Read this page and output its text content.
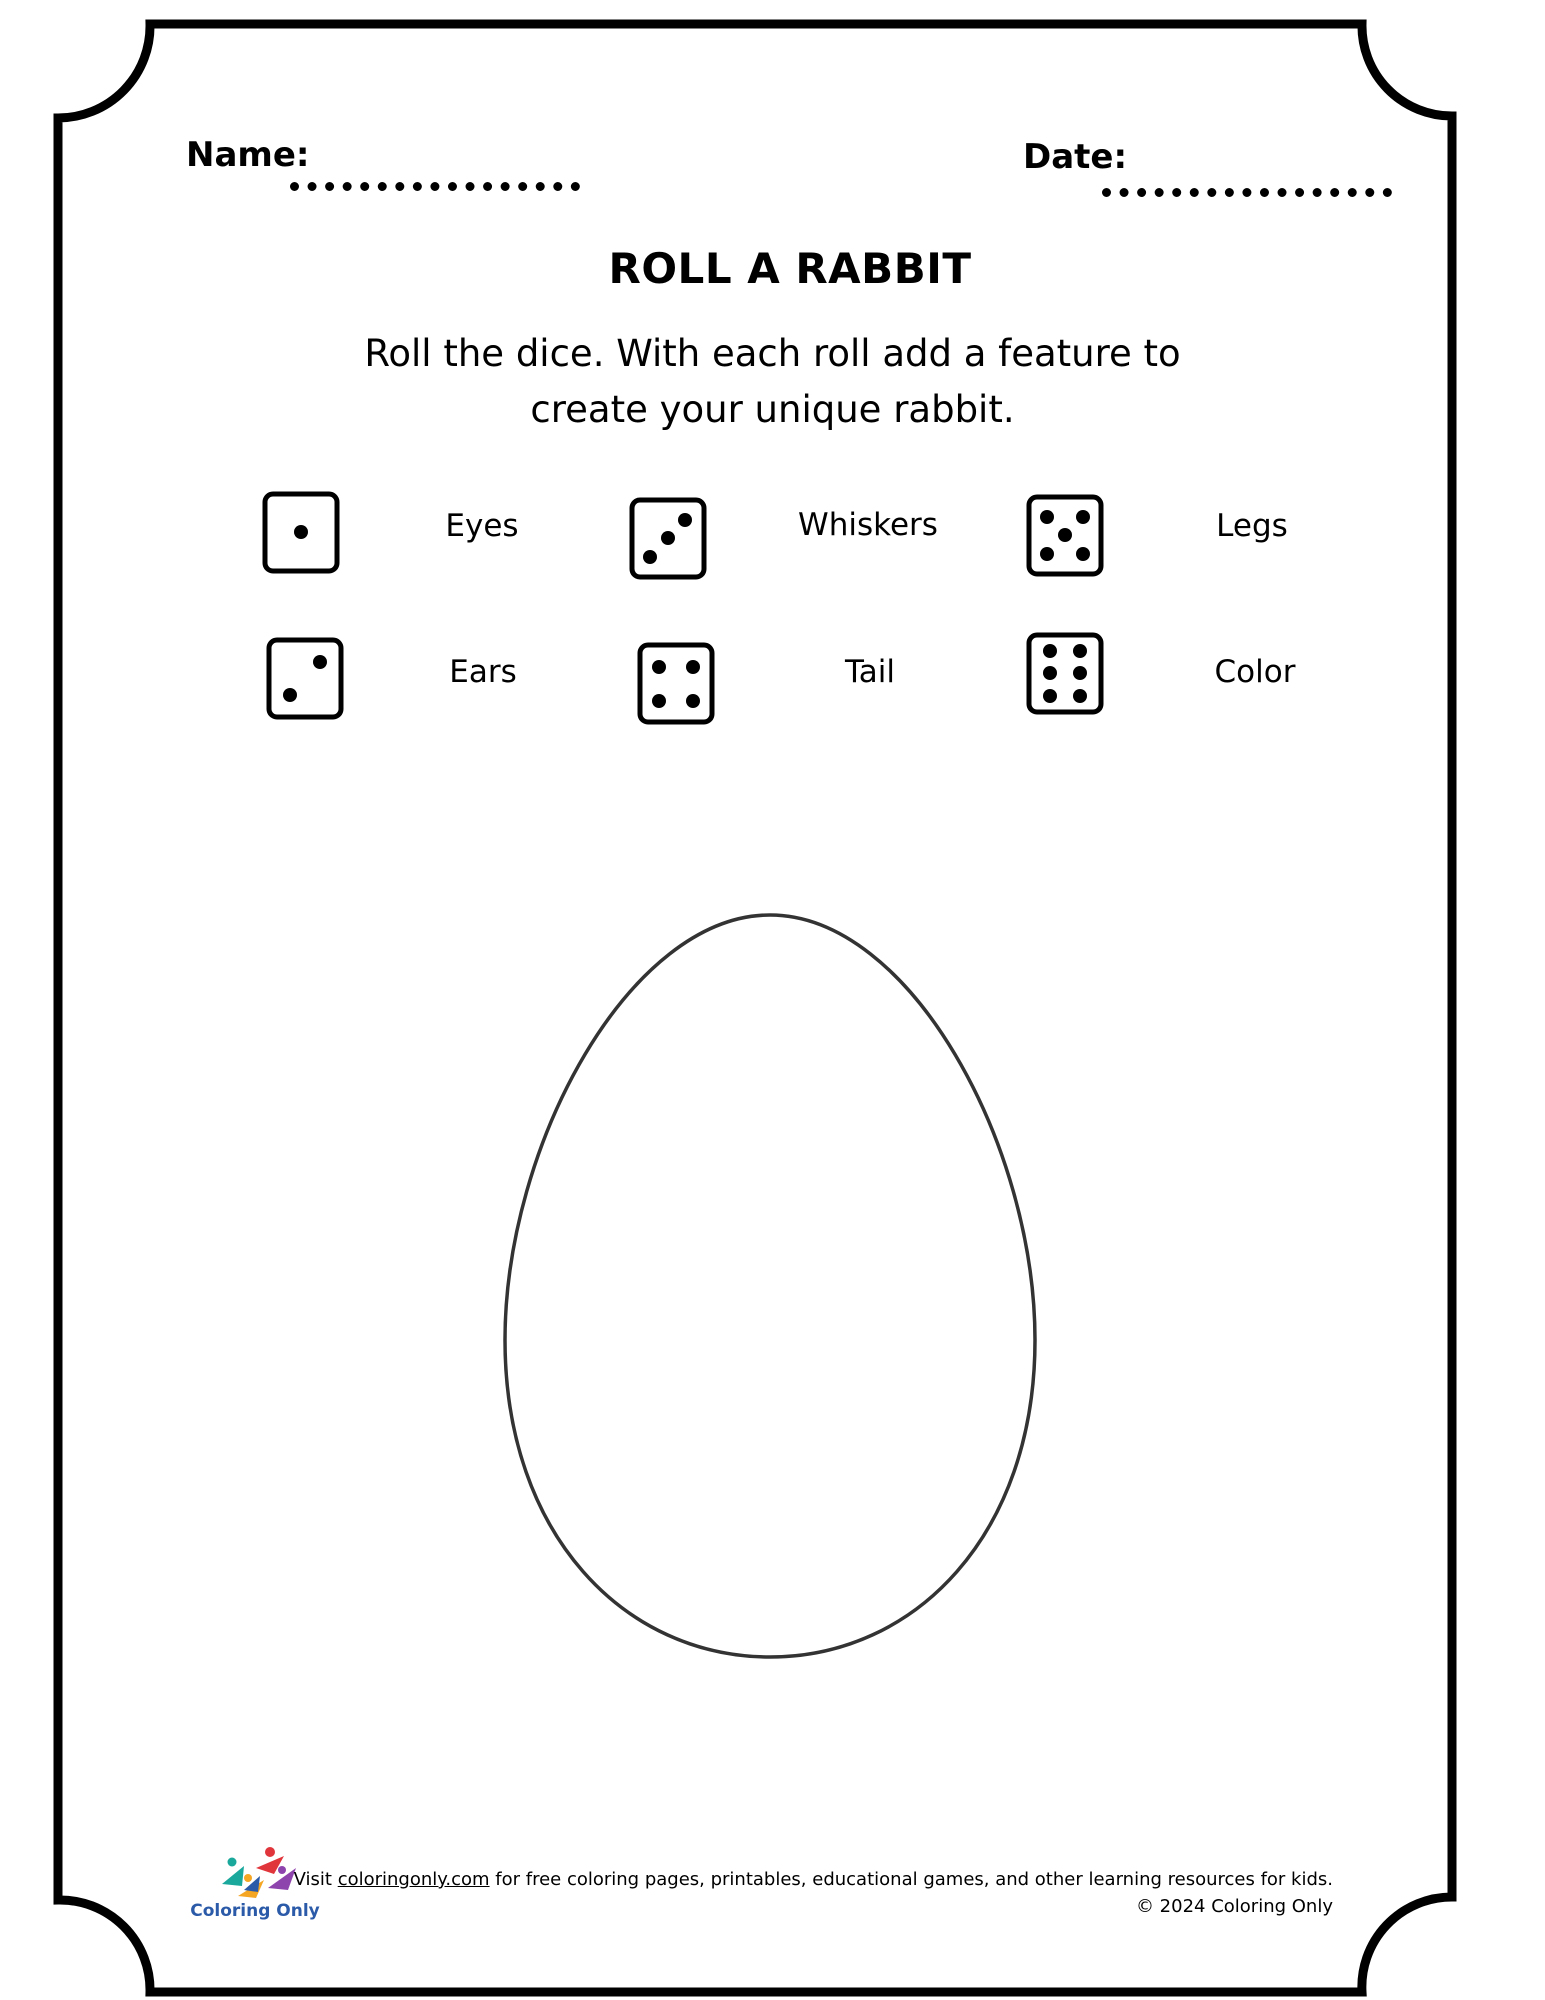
Name:	Date:
ROLL A RABBIT
Roll the dice. With each roll add a feature to
create your unique rabbit.
Eyes	Whiskers	Legs
Ears	Tail	Color
Coloring Only
Visit coloringonly.com for free coloring pages, printables, educational games, and other learning resources for kids.
© 2024 Coloring Only
